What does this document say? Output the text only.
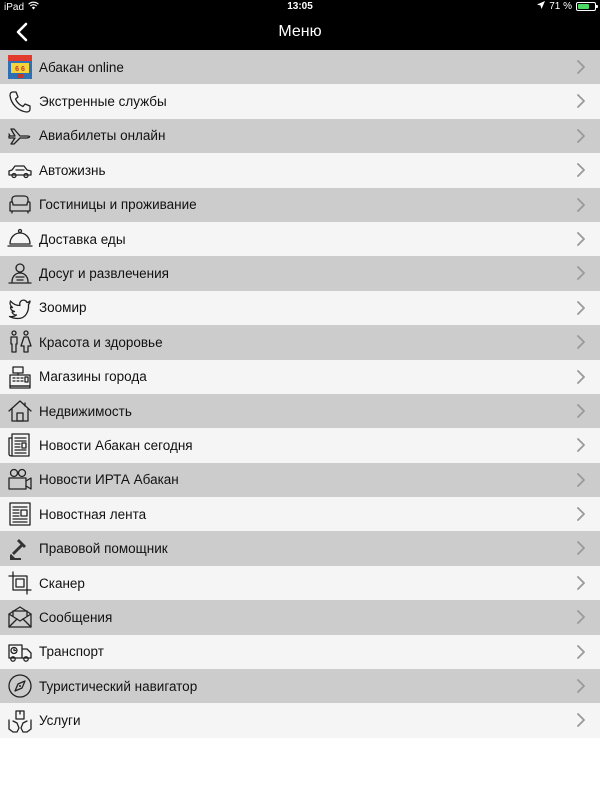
iPad	13:05	71 %
Меню
6 6 Абакан online
Экстренные службы
Авиабилеты онлайн
Автожизнь
Гостиницы и проживание
Доставка еды
Досуг и развлечения
Зоомир
Красота и здоровье
Магазины города
Недвижимость
Новости Абакан сегодня
Новости ИРТА Абакан
Новостная лента
Правовой помощник
Сканер
Сообщения
Транспорт
Туристический навигатор
Услуги
